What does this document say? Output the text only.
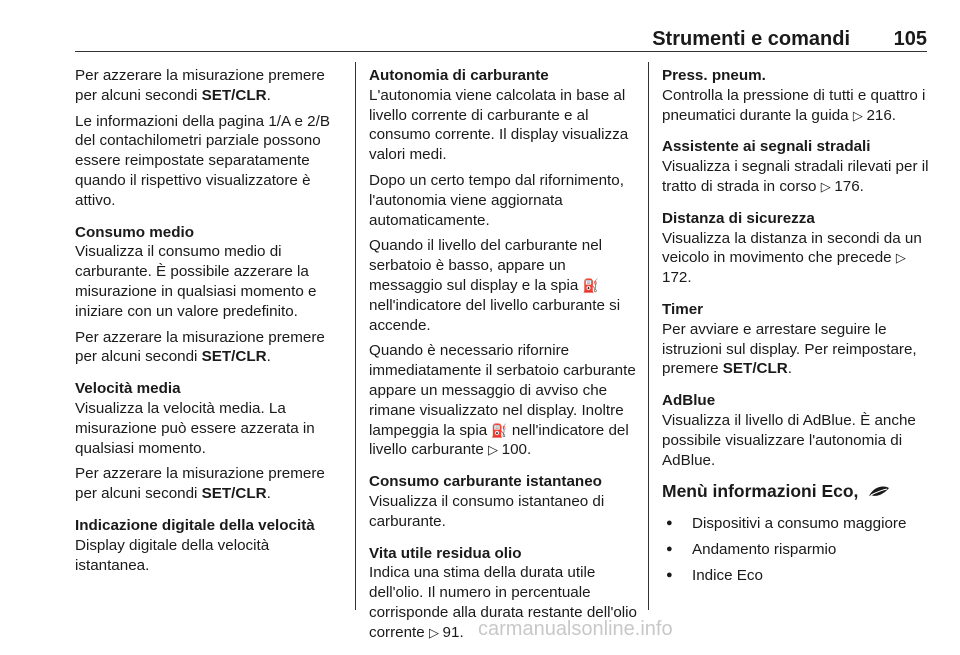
Strumenti e comandi 105

Per azzerare la misurazione premere per alcuni secondi SET/CLR.

Le informazioni della pagina 1/A e 2/B del contachilometri parziale possono essere reimpostate separatamente quando il rispettivo visualizzatore è attivo.

Consumo medio

Visualizza il consumo medio di carburante. È possibile azzerare la misurazione in qualsiasi momento e iniziare con un valore predefinito.

Per azzerare la misurazione premere per alcuni secondi SET/CLR.

Velocità media

Visualizza la velocità media. La misurazione può essere azzerata in qualsiasi momento.

Per azzerare la misurazione premere per alcuni secondi SET/CLR.

Indicazione digitale della velocità

Display digitale della velocità istantanea.

Autonomia di carburante

L'autonomia viene calcolata in base al livello corrente di carburante e al consumo corrente. Il display visualizza valori medi.

Dopo un certo tempo dal rifornimento, l'autonomia viene aggiornata automaticamente.

Quando il livello del carburante nel serbatoio è basso, appare un messaggio sul display e la spia ⛽ nell'indicatore del livello carburante si accende.

Quando è necessario rifornire immediatamente il serbatoio carburante appare un messaggio di avviso che rimane visualizzato nel display. Inoltre lampeggia la spia ⛽ nell'indicatore del livello carburante ▷ 100.

Consumo carburante istantaneo

Visualizza il consumo istantaneo di carburante.

Vita utile residua olio

Indica una stima della durata utile dell'olio. Il numero in percentuale corrisponde alla durata restante dell'olio corrente ▷ 91.

Press. pneum.

Controlla la pressione di tutti e quattro i pneumatici durante la guida ▷ 216.

Assistente ai segnali stradali

Visualizza i segnali stradali rilevati per il tratto di strada in corso ▷ 176.

Distanza di sicurezza

Visualizza la distanza in secondi da un veicolo in movimento che precede ▷ 172.

Timer

Per avviare e arrestare seguire le istruzioni sul display. Per reimpostare, premere SET/CLR.

AdBlue

Visualizza il livello di AdBlue. È anche possibile visualizzare l'autonomia di AdBlue.

Menù informazioni Eco,
● Dispositivi a consumo maggiore
● Andamento risparmio
● Indice Eco
carmanualsonline.info
